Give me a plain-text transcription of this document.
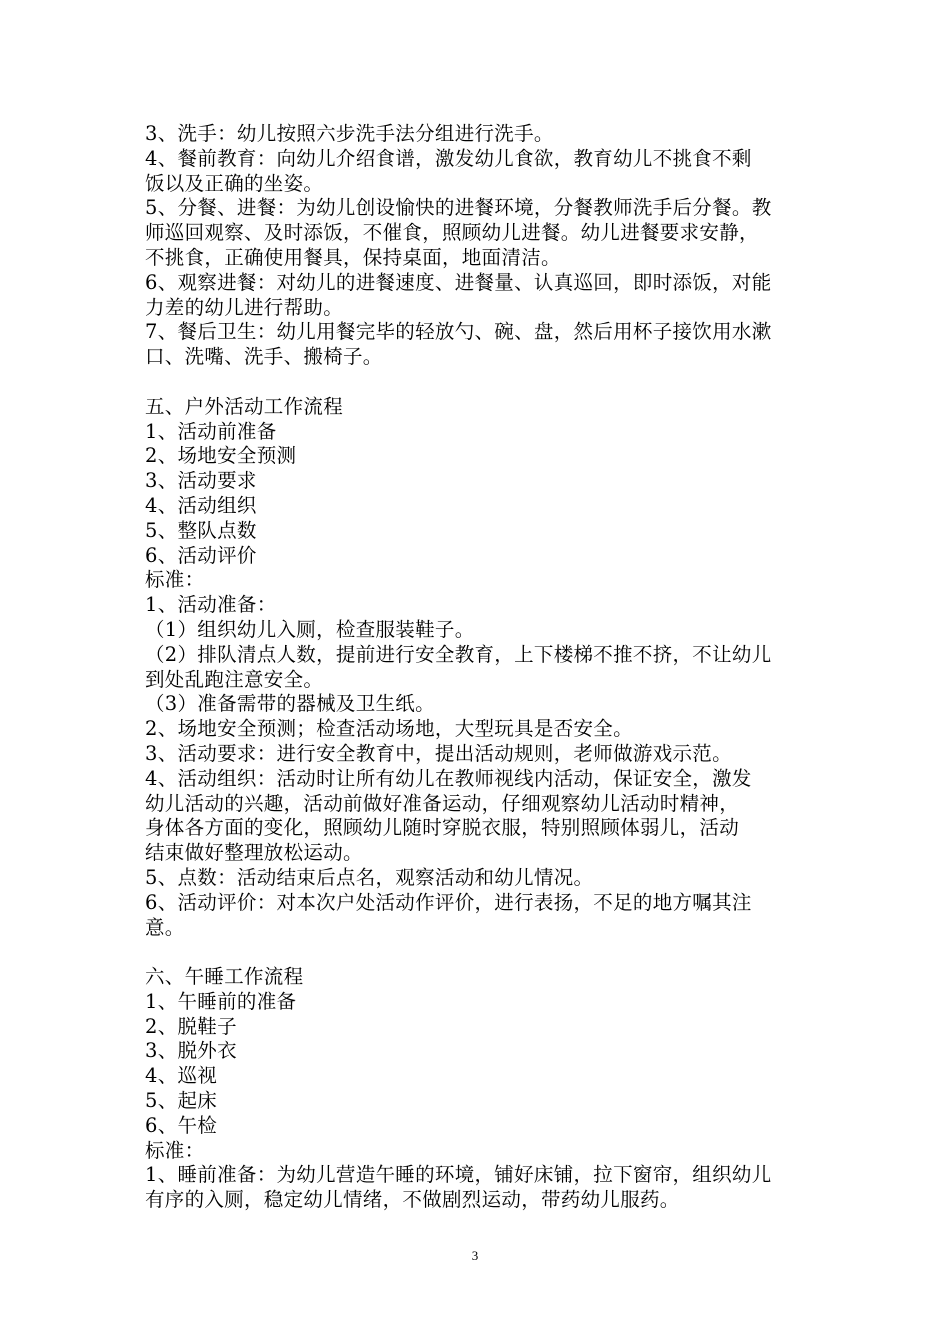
3、洗手：幼儿按照六步洗手法分组进行洗手。
4、餐前教育：向幼儿介绍食谱，激发幼儿食欲，教育幼儿不挑食不剩
饭以及正确的坐姿。
5、分餐、进餐：为幼儿创设愉快的进餐环境，分餐教师洗手后分餐。教
师巡回观察、及时添饭，不催食，照顾幼儿进餐。幼儿进餐要求安静，
不挑食，正确使用餐具，保持桌面，地面清洁。
6、观察进餐：对幼儿的进餐速度、进餐量、认真巡回，即时添饭，对能
力差的幼儿进行帮助。
7、餐后卫生：幼儿用餐完毕的轻放勺、碗、盘，然后用杯子接饮用水漱
口、洗嘴、洗手、搬椅子。
五、户外活动工作流程
1、活动前准备
2、场地安全预测
3、活动要求
4、活动组织
5、整队点数
6、活动评价
标准：
1、活动准备：
（1）组织幼儿入厕，检查服装鞋子。
（2）排队清点人数，提前进行安全教育，上下楼梯不推不挤，不让幼儿
到处乱跑注意安全。
（3）准备需带的器械及卫生纸。
2、场地安全预测；检查活动场地，大型玩具是否安全。
3、活动要求：进行安全教育中，提出活动规则，老师做游戏示范。
4、活动组织：活动时让所有幼儿在教师视线内活动，保证安全，激发
幼儿活动的兴趣，活动前做好准备运动，仔细观察幼儿活动时精神，
身体各方面的变化，照顾幼儿随时穿脱衣服，特别照顾体弱儿，活动
结束做好整理放松运动。
5、点数：活动结束后点名，观察活动和幼儿情况。
6、活动评价：对本次户处活动作评价，进行表扬，不足的地方嘱其注
意。
六、午睡工作流程
1、午睡前的准备
2、脱鞋子
3、脱外衣
4、巡视
5、起床
6、午检
标准：
1、睡前准备：为幼儿营造午睡的环境，铺好床铺，拉下窗帘，组织幼儿
有序的入厕，稳定幼儿情绪，不做剧烈运动，带药幼儿服药。
3
